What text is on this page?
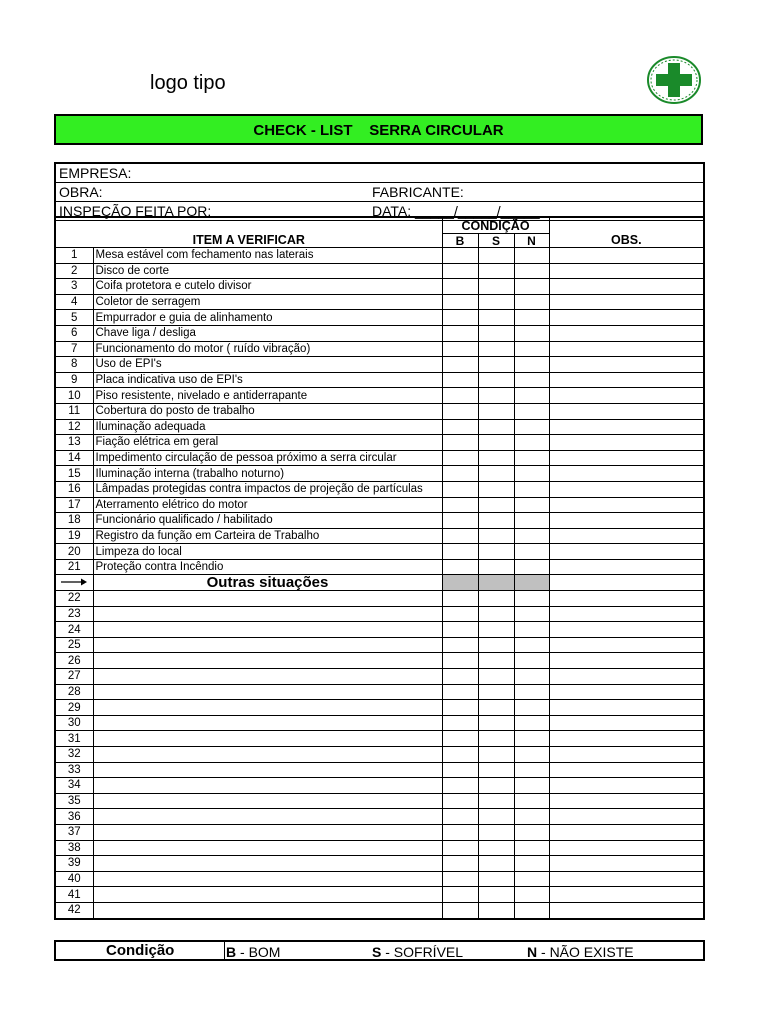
logo tipo
CHECK - LIST    SERRA CIRCULAR
EMPRESA:
OBRA:	FABRICANTE:
INSPEÇÃO FEITA POR:	DATA: _____/_____/_____
ITEM A VERIFICAR		CONDIÇÃO			OBS.
		B	S	N	
1	Mesa estável com fechamento nas laterais				
2	Disco de corte				
3	Coifa protetora e cutelo divisor				
4	Coletor de serragem				
5	Empurrador e guia de alinhamento				
6	Chave liga / desliga				
7	Funcionamento do motor ( ruído vibração)				
8	Uso de EPI's				
9	Placa indicativa uso de EPI's				
10	Piso resistente, nivelado e antiderrapante				
11	Cobertura do posto de trabalho				
12	Iluminação adequada				
13	Fiação elétrica em geral				
14	Impedimento circulação de pessoa próximo a serra circular				
15	Iluminação interna (trabalho noturno)				
16	Lâmpadas protegidas contra impactos de projeção de partículas				
17	Aterramento elétrico do motor				
18	Funcionário qualificado / habilitado				
19	Registro da função em Carteira de Trabalho				
20	Limpeza do local				
21	Proteção contra Incêndio				
	Outras situações				
22					
23					
24					
25					
26					
27					
28					
29					
30					
31					
32					
33					
34					
35					
36					
37					
38					
39					
40					
41					
42					
Condição	B - BOM	S - SOFRÍVEL	N - NÃO EXISTE
